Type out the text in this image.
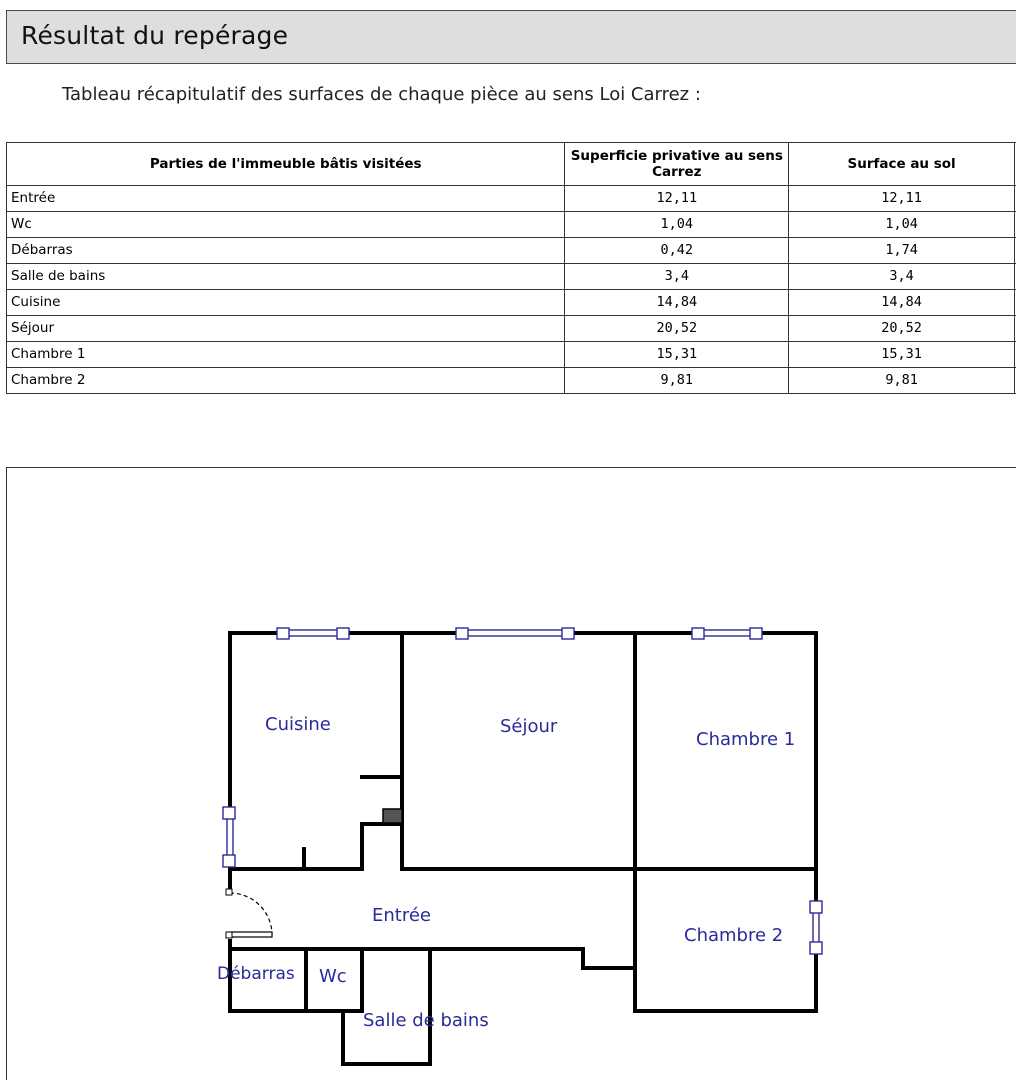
Résultat du repérage

Tableau récapitulatif des surfaces de chaque pièce au sens Loi Carrez :

Parties de l'immeuble bâtis visitées	Superficie privative au sens Carrez	Surface au sol	
Entrée	12,11	12,11	
Wc	1,04	1,04	
Débarras	0,42	1,74	
Salle de bains	3,4	3,4	
Cuisine	14,84	14,84	
Séjour	20,52	20,52	
Chambre 1	15,31	15,31	
Chambre 2	9,81	9,81	
Cuisine	Séjour
Chambre 1
Entrée
Chambre 2
Débarras Wc
Salle de bains
